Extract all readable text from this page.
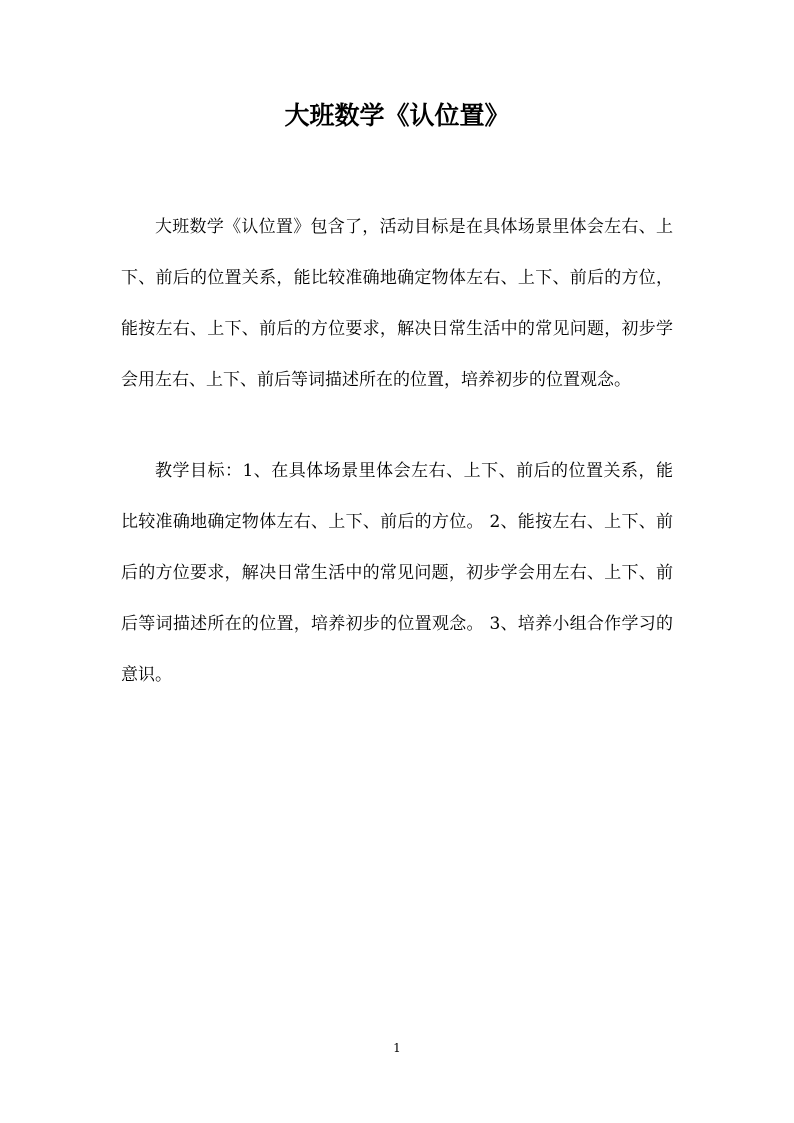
大班数学《认位置》

大班数学《认位置》包含了，活动目标是在具体场景里体会左右、上下、前后的位置关系，能比较准确地确定物体左右、上下、前后的方位，能按左右、上下、前后的方位要求，解决日常生活中的常见问题，初步学会用左右、上下、前后等词描述所在的位置，培养初步的位置观念。

教学目标：1、在具体场景里体会左右、上下、前后的位置关系，能比较准确地确定物体左右、上下、前后的方位。 2、能按左右、上下、前后的方位要求，解决日常生活中的常见问题，初步学会用左右、上下、前后等词描述所在的位置，培养初步的位置观念。 3、培养小组合作学习的意识。

1
